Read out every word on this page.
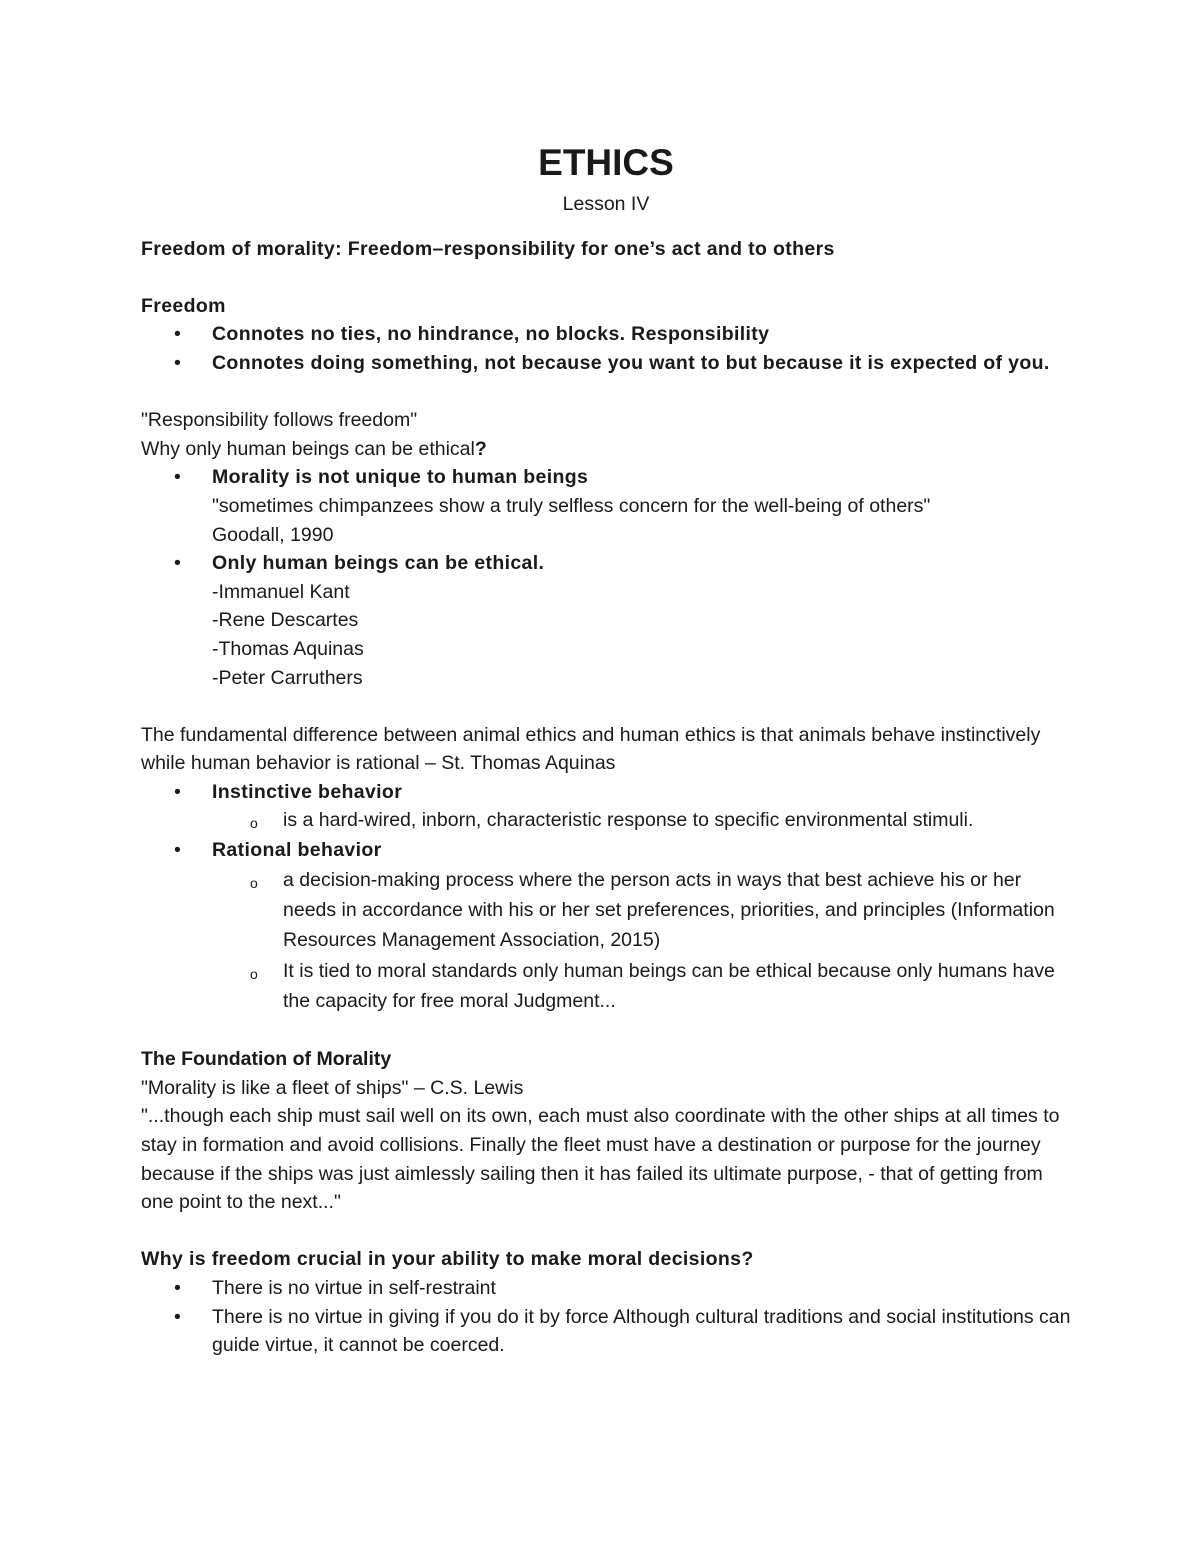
ETHICS

Lesson IV

Freedom of morality: Freedom–responsibility for one’s act and to others

Freedom

• Connotes no ties, no hindrance, no blocks. Responsibility
• Connotes doing something, not because you want to but because it is expected of you.

"Responsibility follows freedom"

Why only human beings can be ethical?

• Morality is not unique to human beings
"sometimes chimpanzees show a truly selfless concern for the well-being of others"
Goodall, 1990
• Only human beings can be ethical.
-Immanuel Kant
-Rene Descartes
-Thomas Aquinas
-Peter Carruthers

The fundamental difference between animal ethics and human ethics is that animals behave instinctively while human behavior is rational – St. Thomas Aquinas

• Instinctive behavior
o is a hard-wired, inborn, characteristic response to specific environmental stimuli.
• Rational behavior
o a decision-making process where the person acts in ways that best achieve his or her needs in accordance with his or her set preferences, priorities, and principles (Information Resources Management Association, 2015)
o It is tied to moral standards only human beings can be ethical because only humans have the capacity for free moral Judgment...

The Foundation of Morality

"Morality is like a fleet of ships" – C.S. Lewis

"...though each ship must sail well on its own, each must also coordinate with the other ships at all times to stay in formation and avoid collisions. Finally the fleet must have a destination or purpose for the journey because if the ships was just aimlessly sailing then it has failed its ultimate purpose, - that of getting from one point to the next..."

Why is freedom crucial in your ability to make moral decisions?

• There is no virtue in self-restraint
• There is no virtue in giving if you do it by force Although cultural traditions and social institutions can guide virtue, it cannot be coerced.
